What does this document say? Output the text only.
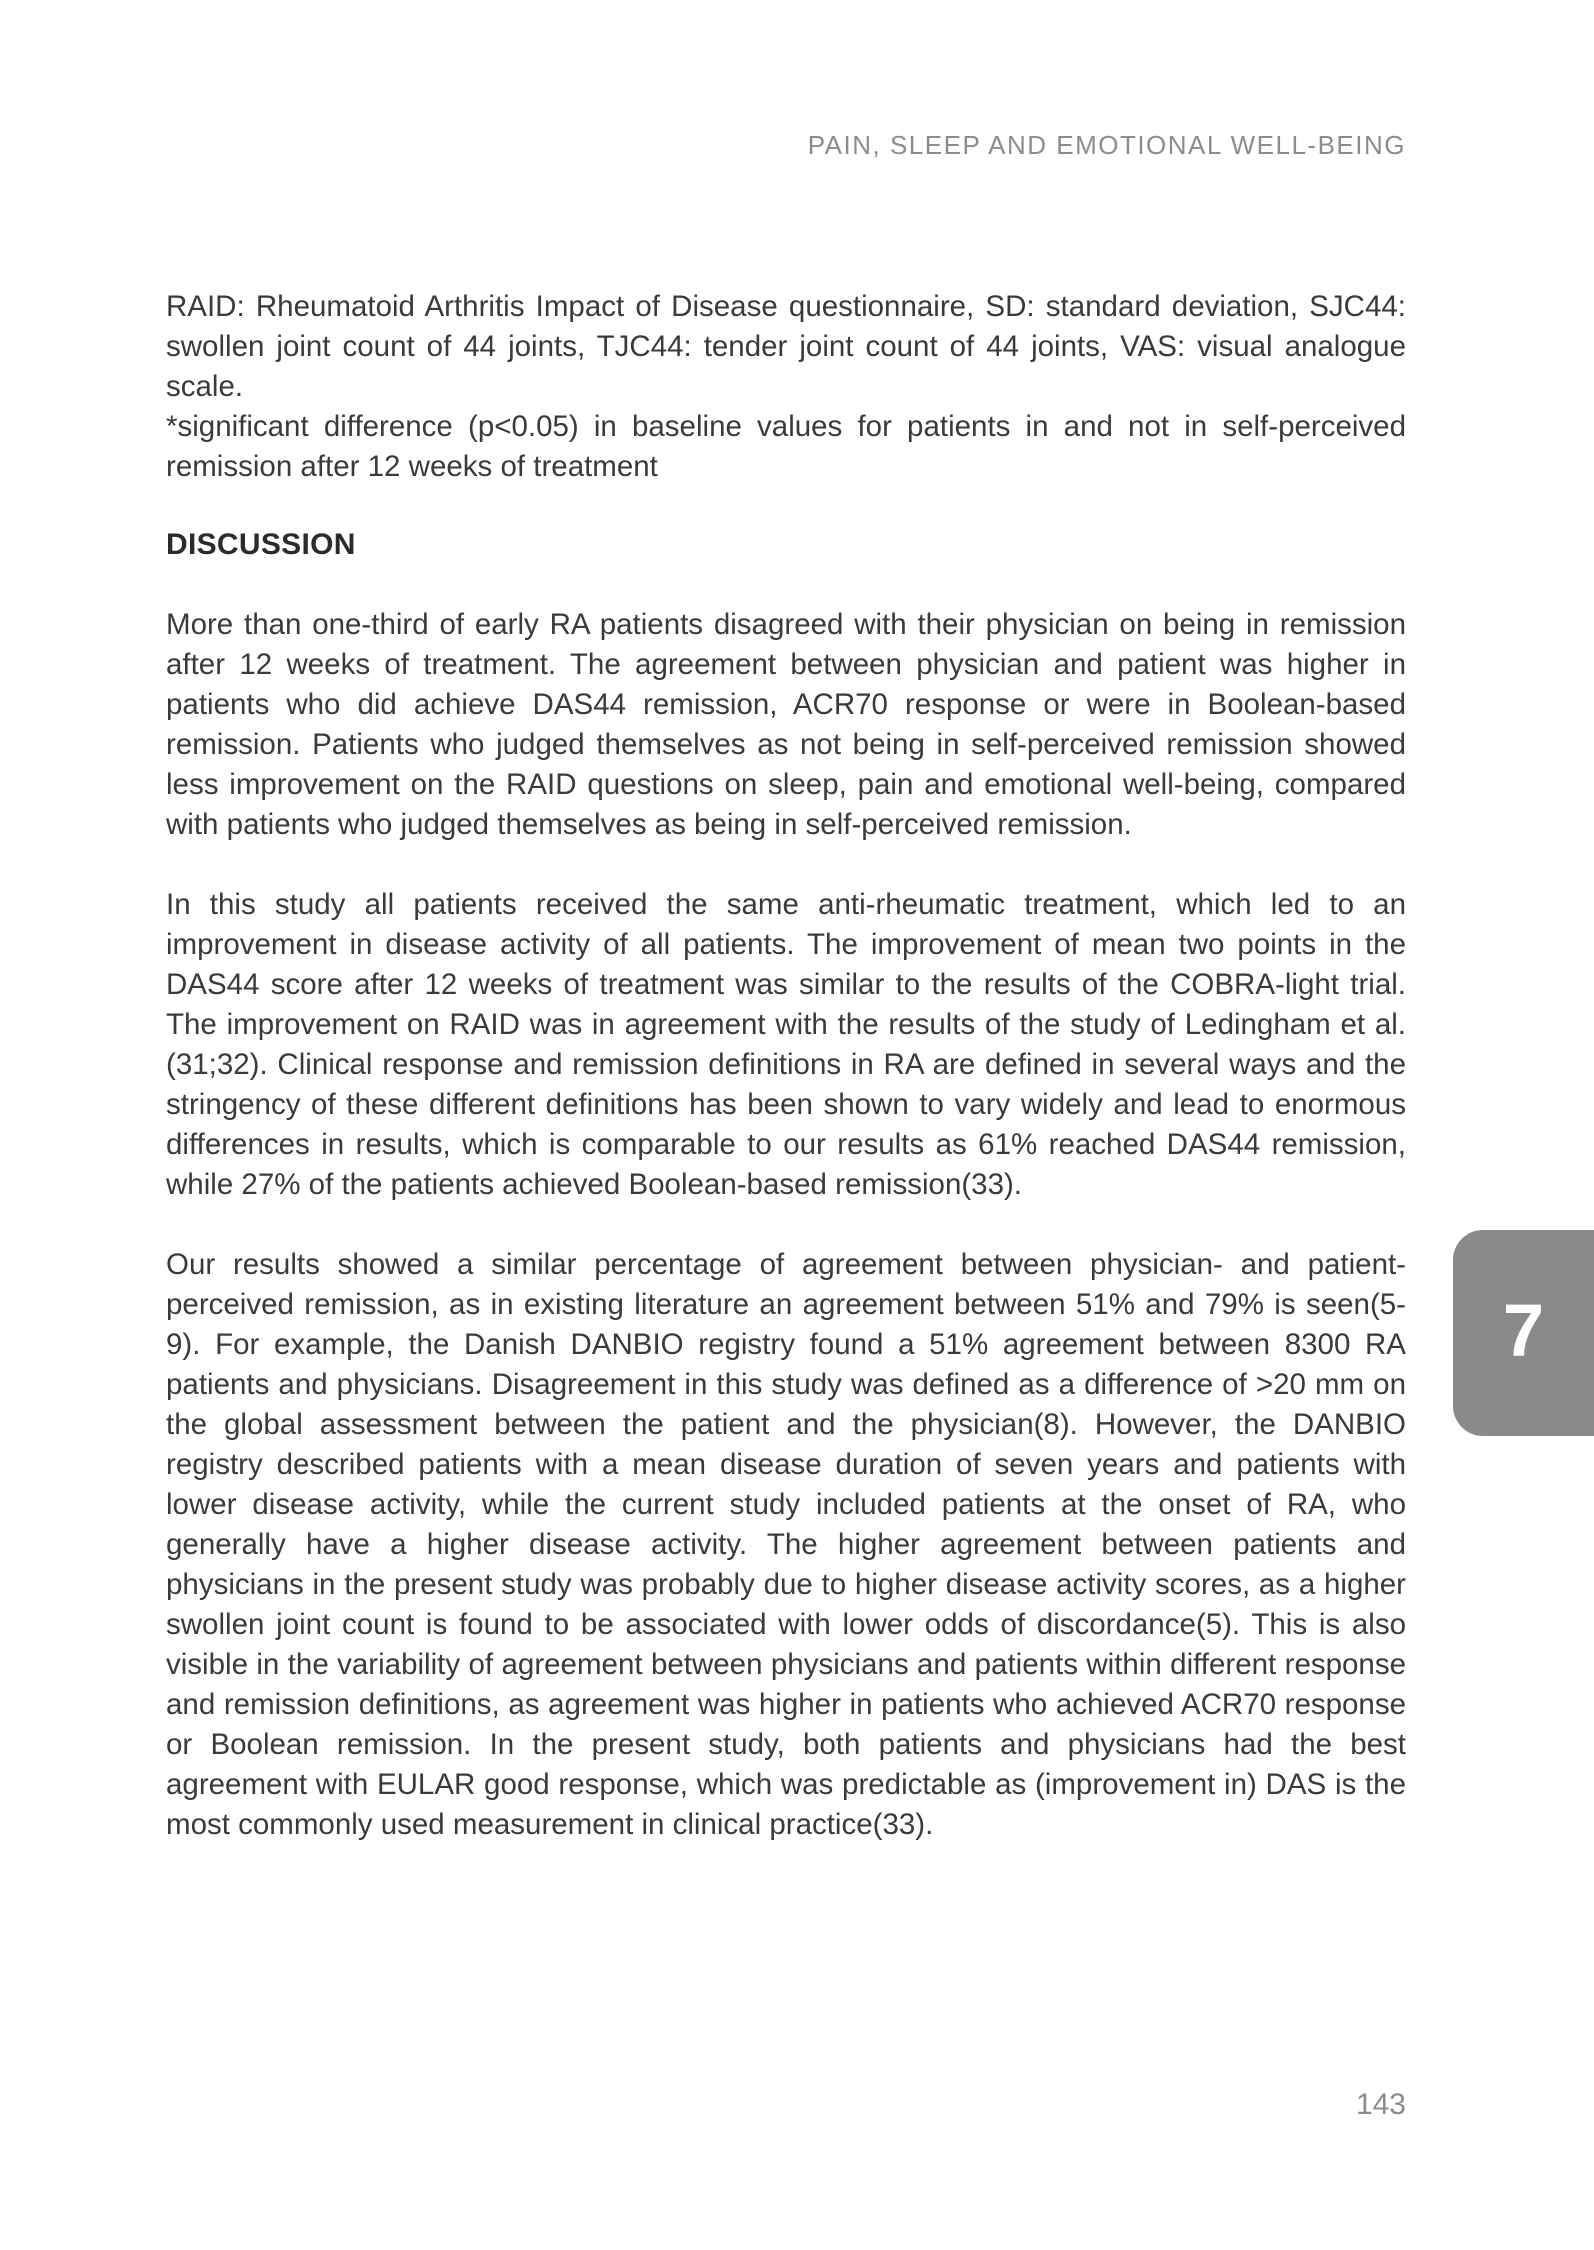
PAIN, SLEEP AND EMOTIONAL WELL-BEING

RAID: Rheumatoid Arthritis Impact of Disease questionnaire, SD: standard deviation, SJC44: swollen joint count of 44 joints, TJC44: tender joint count of 44 joints, VAS: visual analogue scale.

*significant difference (p<0.05) in baseline values for patients in and not in self-perceived remission after 12 weeks of treatment

DISCUSSION

More than one-third of early RA patients disagreed with their physician on being in remission after 12 weeks of treatment. The agreement between physician and patient was higher in patients who did achieve DAS44 remission, ACR70 response or were in Boolean-based remission. Patients who judged themselves as not being in self-perceived remission showed less improvement on the RAID questions on sleep, pain and emotional well-being, compared with patients who judged themselves as being in self-perceived remission.

In this study all patients received the same anti-rheumatic treatment, which led to an improvement in disease activity of all patients. The improvement of mean two points in the DAS44 score after 12 weeks of treatment was similar to the results of the COBRA-light trial. The improvement on RAID was in agreement with the results of the study of Ledingham et al.(31;32). Clinical response and remission definitions in RA are defined in several ways and the stringency of these different definitions has been shown to vary widely and lead to enormous differences in results, which is comparable to our results as 61% reached DAS44 remission, while 27% of the patients achieved Boolean-based remission(33).

Our results showed a similar percentage of agreement between physician- and patient-perceived remission, as in existing literature an agreement between 51% and 79% is seen(5-9). For example, the Danish DANBIO registry found a 51% agreement between 8300 RA patients and physicians. Disagreement in this study was defined as a difference of >20 mm on the global assessment between the patient and the physician(8). However, the DANBIO registry described patients with a mean disease duration of seven years and patients with lower disease activity, while the current study included patients at the onset of RA, who generally have a higher disease activity. The higher agreement between patients and physicians in the present study was probably due to higher disease activity scores, as a higher swollen joint count is found to be associated with lower odds of discordance(5). This is also visible in the variability of agreement between physicians and patients within different response and remission definitions, as agreement was higher in patients who achieved ACR70 response or Boolean remission. In the present study, both patients and physicians had the best agreement with EULAR good response, which was predictable as (improvement in) DAS is the most commonly used measurement in clinical practice(33).

7
143
